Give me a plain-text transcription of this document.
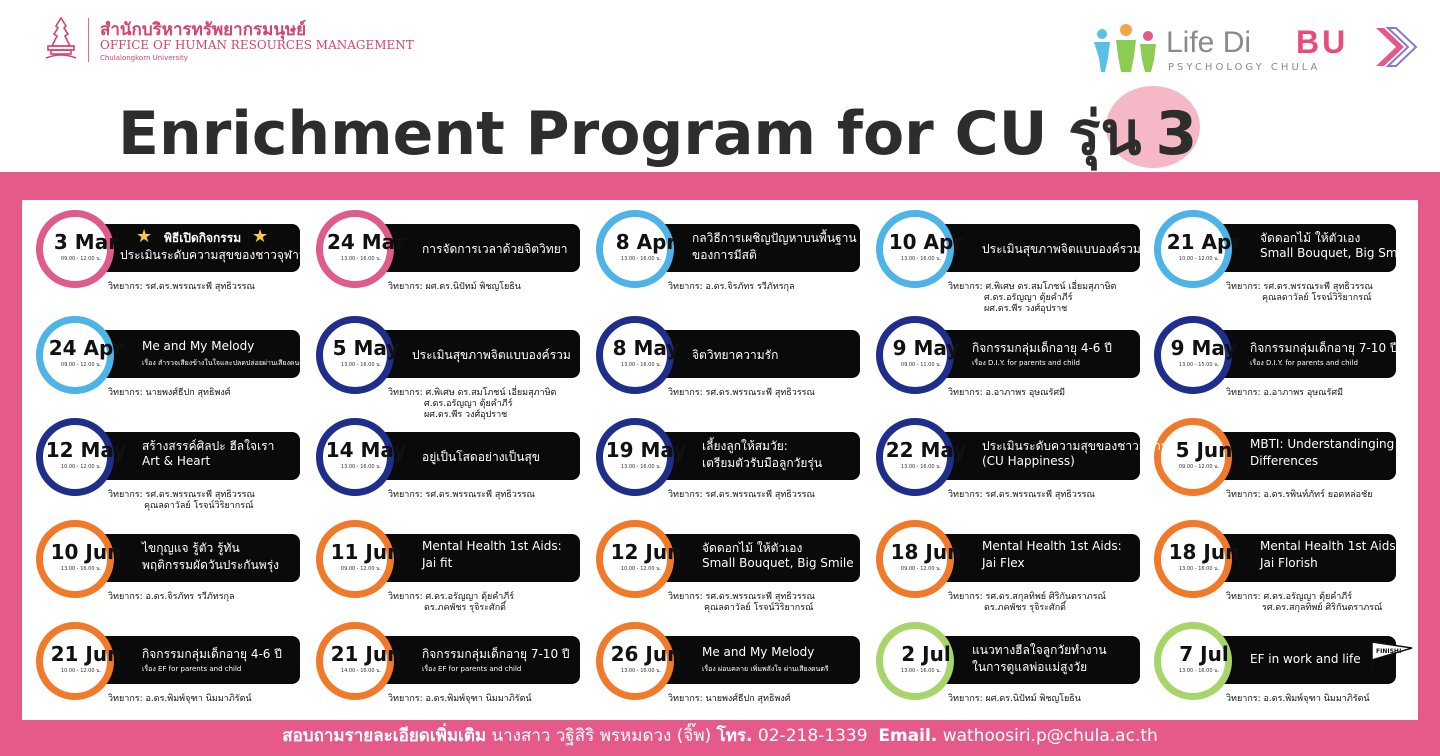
สำนักบริหารทรัพยากรมนุษย์
OFFICE OF HUMAN RESOURCES MANAGEMENT
Chulalongkorn University	Life Di BU
PSYCHOLOGY CHULA
Enrichment Program for CU รุ่น 3
3 Mar
09.00 - 12.00 น.
พิธีเปิดกิจกรรม
ประเมินระดับความสุขของชาวจุฬาฯ
★	★
วิทยากร: รศ.ดร.พรรณระพี สุทธิวรรณ
24 Mar
13.00 - 16.00 น.
การจัดการเวลาด้วยจิตวิทยา
วิทยากร: ผศ.ดร.นิปัทม์ พิชญโยธิน
8 Apr
13.00 - 16.00 น.
กลวิธีการเผชิญปัญหาบนพื้นฐาน
ของการมีสติ
วิทยากร: อ.ดร.จิรภัทร รวีภัทรกุล
10 Apr
13.00 - 16.00 น.
ประเมินสุขภาพจิตแบบองค์รวม
วิทยากร: ศ.พิเศษ ดร.สมโภชน์ เอี่ยมสุภาษิต
ศ.ดร.อรัญญา ตุ้ยคำภีร์
ผศ.ดร.พีร วงศ์อุปราช
21 Apr
10.00 - 12.00 น.
จัดดอกไม้ ให้ตัวเอง
Small Bouquet, Big Smile
วิทยากร: รศ.ดร.พรรณระพี สุทธิวรรณ
คุณลดาวัลย์ โรจน์วิริยากรณ์
24 Apr
09.00 - 12.00 น.
Me and My Melody
เรื่อง สำรวจเสียงข้างในใจและปลดปล่อยผ่านเสียงดนตรี
วิทยากร: นายพงศ์ธีปก สุทธิพงศ์
5 May
13.00 - 16.00 น.
ประเมินสุขภาพจิตแบบองค์รวม
วิทยากร: ศ.พิเศษ ดร.สมโภชน์ เอี่ยมสุภาษิต
ศ.ดร.อรัญญา ตุ้ยคำภีร์
ผศ.ดร.พีร วงศ์อุปราช
8 May
13.00 - 16.00 น.
จิตวิทยาความรัก
วิทยากร: รศ.ดร.พรรณระพี สุทธิวรรณ
9 May
09.00 - 11.00 น.
กิจกรรมกลุ่มเด็กอายุ 4-6 ปี
เรื่อง D.I.Y. for parents and child
วิทยากร: อ.อาภาพร อุษณรัศมี
9 May
13.00 - 15.00 น.
กิจกรรมกลุ่มเด็กอายุ 7-10 ปี
เรื่อง D.I.Y. for parents and child
วิทยากร: อ.อาภาพร อุษณรัศมี
12 May
10.00 - 12.00 น.
สร้างสรรค์ศิลปะ ฮีลใจเรา
Art & Heart
วิทยากร: รศ.ดร.พรรณระพี สุทธิวรรณ
คุณลดาวัลย์ โรจน์วิริยากรณ์
14 May
13.00 - 16.00 น.
อยู่เป็นโสดอย่างเป็นสุข
วิทยากร: รศ.ดร.พรรณระพี สุทธิวรรณ
19 May
13.00 - 16.00 น.
เลี้ยงลูกให้สมวัย:
เตรียมตัวรับมือลูกวัยรุ่น
วิทยากร: รศ.ดร.พรรณระพี สุทธิวรรณ
22 May
13.00 - 16.00 น.
ประเมินระดับความสุขของชาวจุฬาฯ
(CU Happiness)
วิทยากร: รศ.ดร.พรรณระพี สุทธิวรรณ
5 Jun
09.00 - 12.00 น.
MBTI: Understandinging
Differences
วิทยากร: อ.ดร.รพินท์ภัทร์ ยอดหล่อชัย
10 Jun
13.00 - 16.00 น.
ไขกุญแจ รู้ตัว รู้ทัน
พฤติกรรมผัดวันประกันพรุ่ง
วิทยากร: อ.ดร.จิรภัทร รวีภัทรกุล
11 Jun
09.00 - 12.00 น.
Mental Health 1st Aids:
Jai fit
วิทยากร: ศ.ดร.อรัญญา ตุ้ยคำภีร์
ดร.ภคพัชร รุจิระศักดิ์
12 Jun
10.00 - 12.00 น.
จัดดอกไม้ ให้ตัวเอง
Small Bouquet, Big Smile
วิทยากร: รศ.ดร.พรรณระพี สุทธิวรรณ
คุณลดาวัลย์ โรจน์วิริยากรณ์
18 Jun
09.00 - 12.00 น.
Mental Health 1st Aids:
Jai Flex
วิทยากร: รศ.ดร.สกุลทิพย์ ศิริกันตราภรณ์
ดร.ภคพัชร รุจิระศักดิ์
18 Jun
13.00 - 16.00 น.
Mental Health 1st Aids:
Jai Florish
วิทยากร: ศ.ดร.อรัญญา ตุ้ยคำภีร์
รศ.ดร.สกุลทิพย์ ศิริกันตราภรณ์
21 Jun
10.00 - 12.00 น.
กิจกรรมกลุ่มเด็กอายุ 4-6 ปี
เรื่อง EF for parents and child
วิทยากร: อ.ดร.พิมพ์จุฑา นิมมาภิรัตน์
21 Jun
14.00 - 16.00 น.
กิจกรรมกลุ่มเด็กอายุ 7-10 ปี
เรื่อง EF for parents and child
วิทยากร: อ.ดร.พิมพ์จุฑา นิมมาภิรัตน์
26 Jun
13.00 - 16.00 น.
Me and My Melody
เรื่อง ผ่อนคลาย เพิ่มพลังใจ ผ่านเสียงดนตรี
วิทยากร: นายพงศ์ธีปก สุทธิพงศ์
2 Jul
13.00 - 16.00 น.
แนวทางฮีลใจลูกวัยทำงาน
ในการดูแลพ่อแม่สูงวัย
วิทยากร: ผศ.ดร.นิปัทม์ พิชญโยธิน
7 Jul
13.00 - 16.00 น.
EF in work and life
วิทยากร: อ.ดร.พิมพ์จุฑา นิมมาภิรัตน์
FINISH!
สอบถามรายละเอียดเพิ่มเติม นางสาว วฐิสิริ พรหมดวง (จิ๊พ) โทร. 02-218-1339 Email. wathoosiri.p@chula.ac.th
